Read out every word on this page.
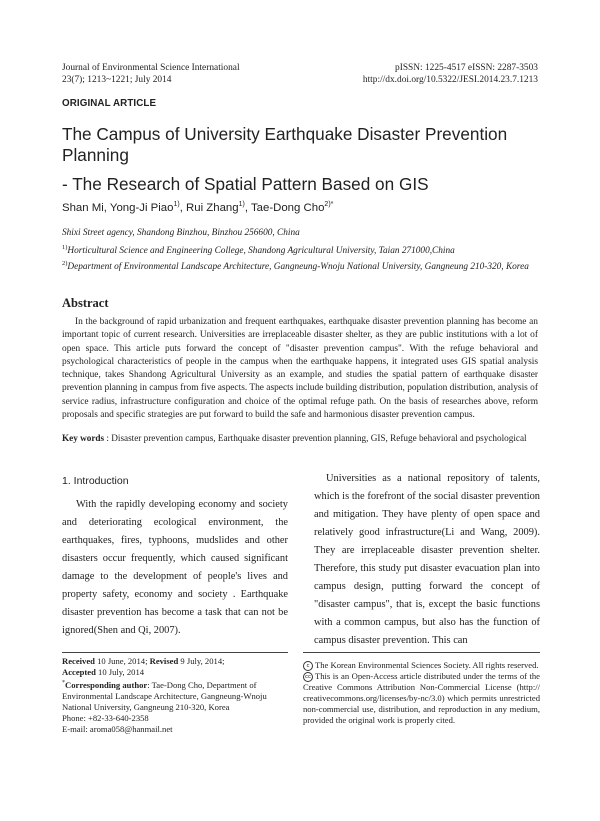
Journal of Environmental Science International
23(7); 1213~1221; July 2014
pISSN: 1225-4517 eISSN: 2287-3503
http://dx.doi.org/10.5322/JESI.2014.23.7.1213
ORIGINAL ARTICLE
The Campus of University Earthquake Disaster Prevention Planning
- The Research of Spatial Pattern Based on GIS
Shan Mi, Yong-Ji Piao$^{1)}$, Rui Zhang$^{1)}$, Tae-Dong Cho$^{2)*}$
Shixi Street agency, Shandong Binzhou, Binzhou 256600, China
$^{1)}$Horticultural Science and Engineering College, Shandong Agricultural University, Taian 271000,China
$^{2)}$Department of Environmental Landscape Architecture, Gangneung-Wnoju National University, Gangneung 210-320, Korea
Abstract
In the background of rapid urbanization and frequent earthquakes, earthquake disaster prevention planning has become an important topic of current research. Universities are irreplaceable disaster shelter, as they are public institutions with a lot of open space. This article puts forward the concept of "disaster prevention campus". With the refuge behavioral and psychological characteristics of people in the campus when the earthquake happens, it integrated uses GIS spatial analysis technique, takes Shandong Agricultural University as an example, and studies the spatial pattern of earthquake disaster prevention planning in campus from five aspects. The aspects include building distribution, population distribution, analysis of service radius, infrastructure configuration and choice of the optimal refuge path. On the basis of researches above, reform proposals and specific strategies are put forward to build the safe and harmonious disaster prevention campus.
Key words : Disaster prevention campus, Earthquake disaster prevention planning, GIS, Refuge behavioral and psychological
1. Introduction
With the rapidly developing economy and society and deteriorating ecological environment, the earthquakes, fires, typhoons, mudslides and other disasters occur frequently, which caused significant damage to the development of people's lives and property safety, economy and society . Earthquake disaster prevention has become a task that can not be ignored(Shen and Qi, 2007).
Universities as a national repository of talents, which is the forefront of the social disaster prevention and mitigation. They have plenty of open space and relatively good infrastructure(Li and Wang, 2009). They are irreplaceable disaster prevention shelter. Therefore, this study put disaster evacuation plan into campus design, putting forward the concept of "disaster campus", that is, except the basic functions with a common campus, but also has the function of campus disaster prevention. This can
Received 10 June, 2014; Revised 9 July, 2014;
Accepted 10 July, 2014
*Corresponding author: Tae-Dong Cho, Department of Environmental Landscape Architecture, Gangneung-Wnoju National University, Gangneung 210-320, Korea
Phone: +82-33-640-2358
E-mail: aroma058@hanmail.net
c The Korean Environmental Sciences Society. All rights reserved.
cc This is an Open-Access article distributed under the terms of the Creative Commons Attribution Non-Commercial License (http:// creativecommons.org/licenses/by-nc/3.0) which permits unrestricted non-commercial use, distribution, and reproduction in any medium, provided the original work is properly cited.
